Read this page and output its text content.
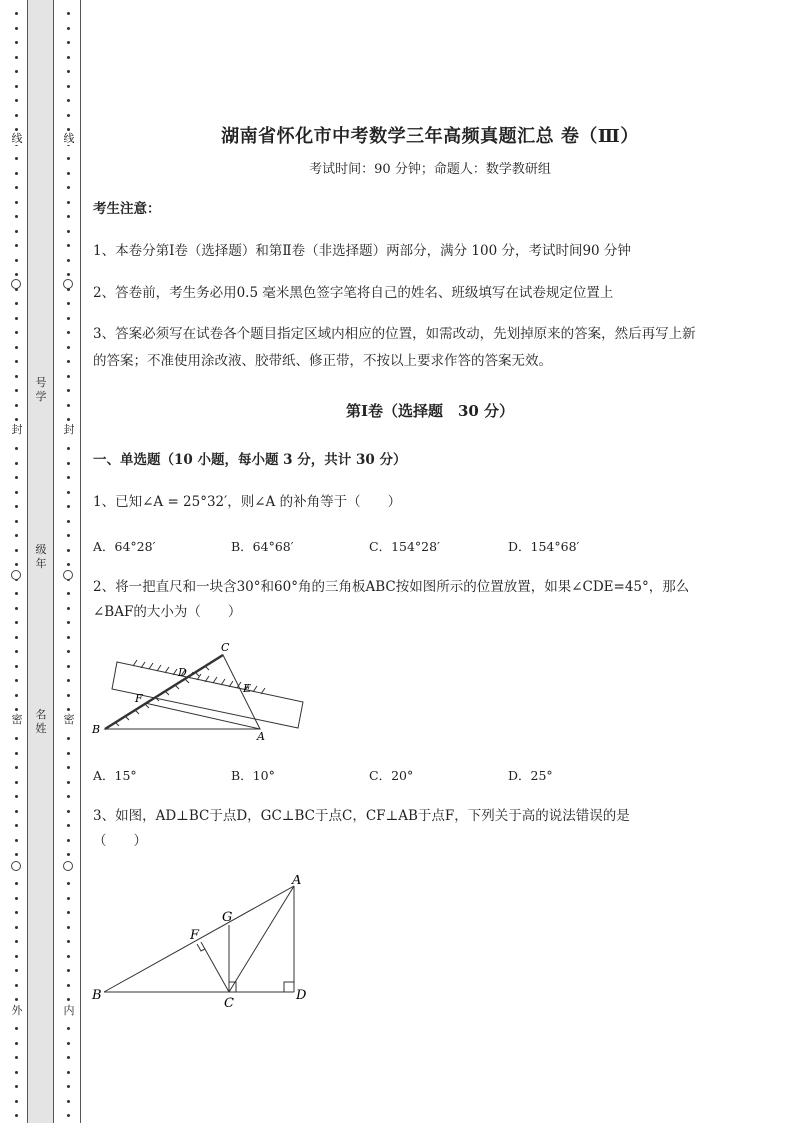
线
封
密
外
线
封
密
内
号
学
级
年
名
姓
湖南省怀化市中考数学三年高频真题汇总 卷（Ⅲ）
考试时间：90 分钟；命题人：数学教研组
考生注意：
1、本卷分第Ⅰ卷（选择题）和第Ⅱ卷（非选择题）两部分，满分 100 分，考试时间90 分钟
2、答卷前，考生务必用0.5 毫米黑色签字笔将自己的姓名、班级填写在试卷规定位置上
3、答案必须写在试卷各个题目指定区域内相应的位置，如需改动，先划掉原来的答案，然后再写上新
的答案；不准使用涂改液、胶带纸、修正带，不按以上要求作答的答案无效。
第Ⅰ卷（选择题　30 分）
一、单选题（10 小题，每小题 3 分，共计 30 分）
1、已知∠A = 25°32′，则∠A 的补角等于（　　）
A．64°28′	B．64°68′	C．154°28′	D．154°68′
2、将一把直尺和一块含30°和60°角的三角板ABC按如图所示的位置放置，如果∠CDE=45°，那么
∠BAF的大小为（　　）
C
D
E
F
B
A
A．15°	B．10°	C．20°	D．25°
3、如图，AD⊥BC于点D，GC⊥BC于点C，CF⊥AB于点F，下列关于高的说法错误的是
（　　）
A
G
F
B
C
D
